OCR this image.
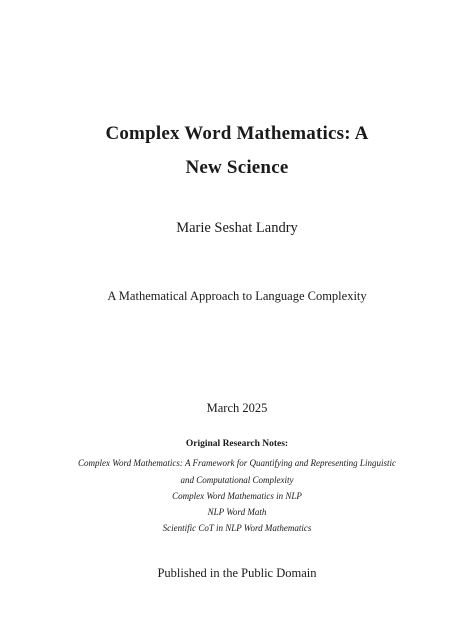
Complex Word Mathematics: A
New Science
Marie Seshat Landry
A Mathematical Approach to Language Complexity
March 2025
Original Research Notes:
Complex Word Mathematics: A Framework for Quantifying and Representing Linguistic
and Computational Complexity
Complex Word Mathematics in NLP
NLP Word Math
Scientific CoT in NLP Word Mathematics
Published in the Public Domain
